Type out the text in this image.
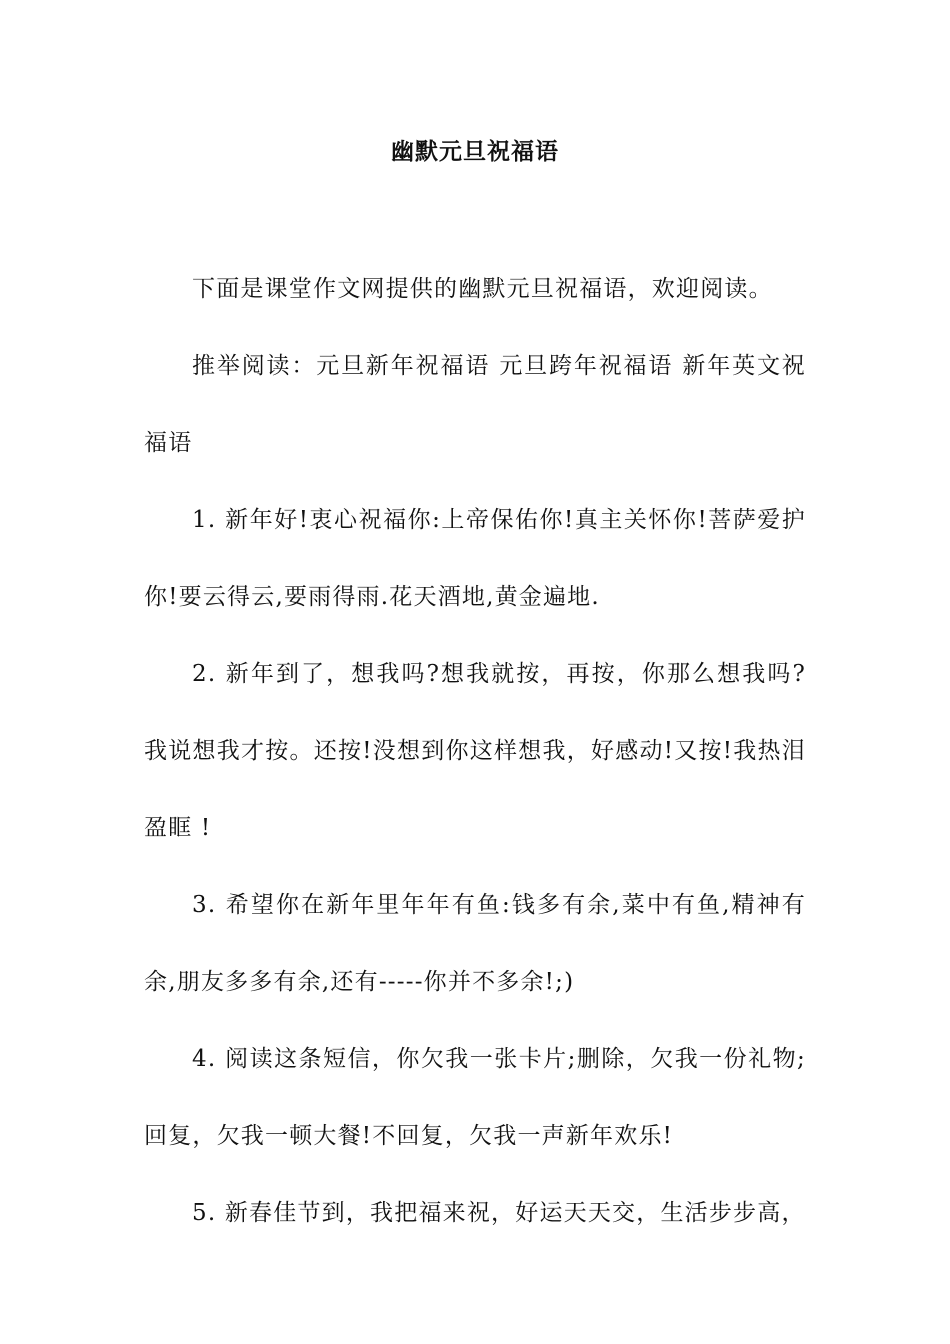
幽默元旦祝福语

下面是课堂作文网提供的幽默元旦祝福语，欢迎阅读。

推举阅读：元旦新年祝福语 元旦跨年祝福语 新年英文祝福语

1. 新年好!衷心祝福你:上帝保佑你!真主关怀你!菩萨爱护你!要云得云,要雨得雨.花天酒地,黄金遍地.

2. 新年到了，想我吗?想我就按，再按，你那么想我吗?我说想我才按。还按!没想到你这样想我，好感动!又按!我热泪盈眶 !

3. 希望你在新年里年年有鱼:钱多有余,菜中有鱼,精神有余,朋友多多有余,还有-----你并不多余!;)

4. 阅读这条短信，你欠我一张卡片;删除，欠我一份礼物;回复，欠我一顿大餐!不回复，欠我一声新年欢乐!

5. 新春佳节到，我把福来祝，好运天天交，生活步步高，
